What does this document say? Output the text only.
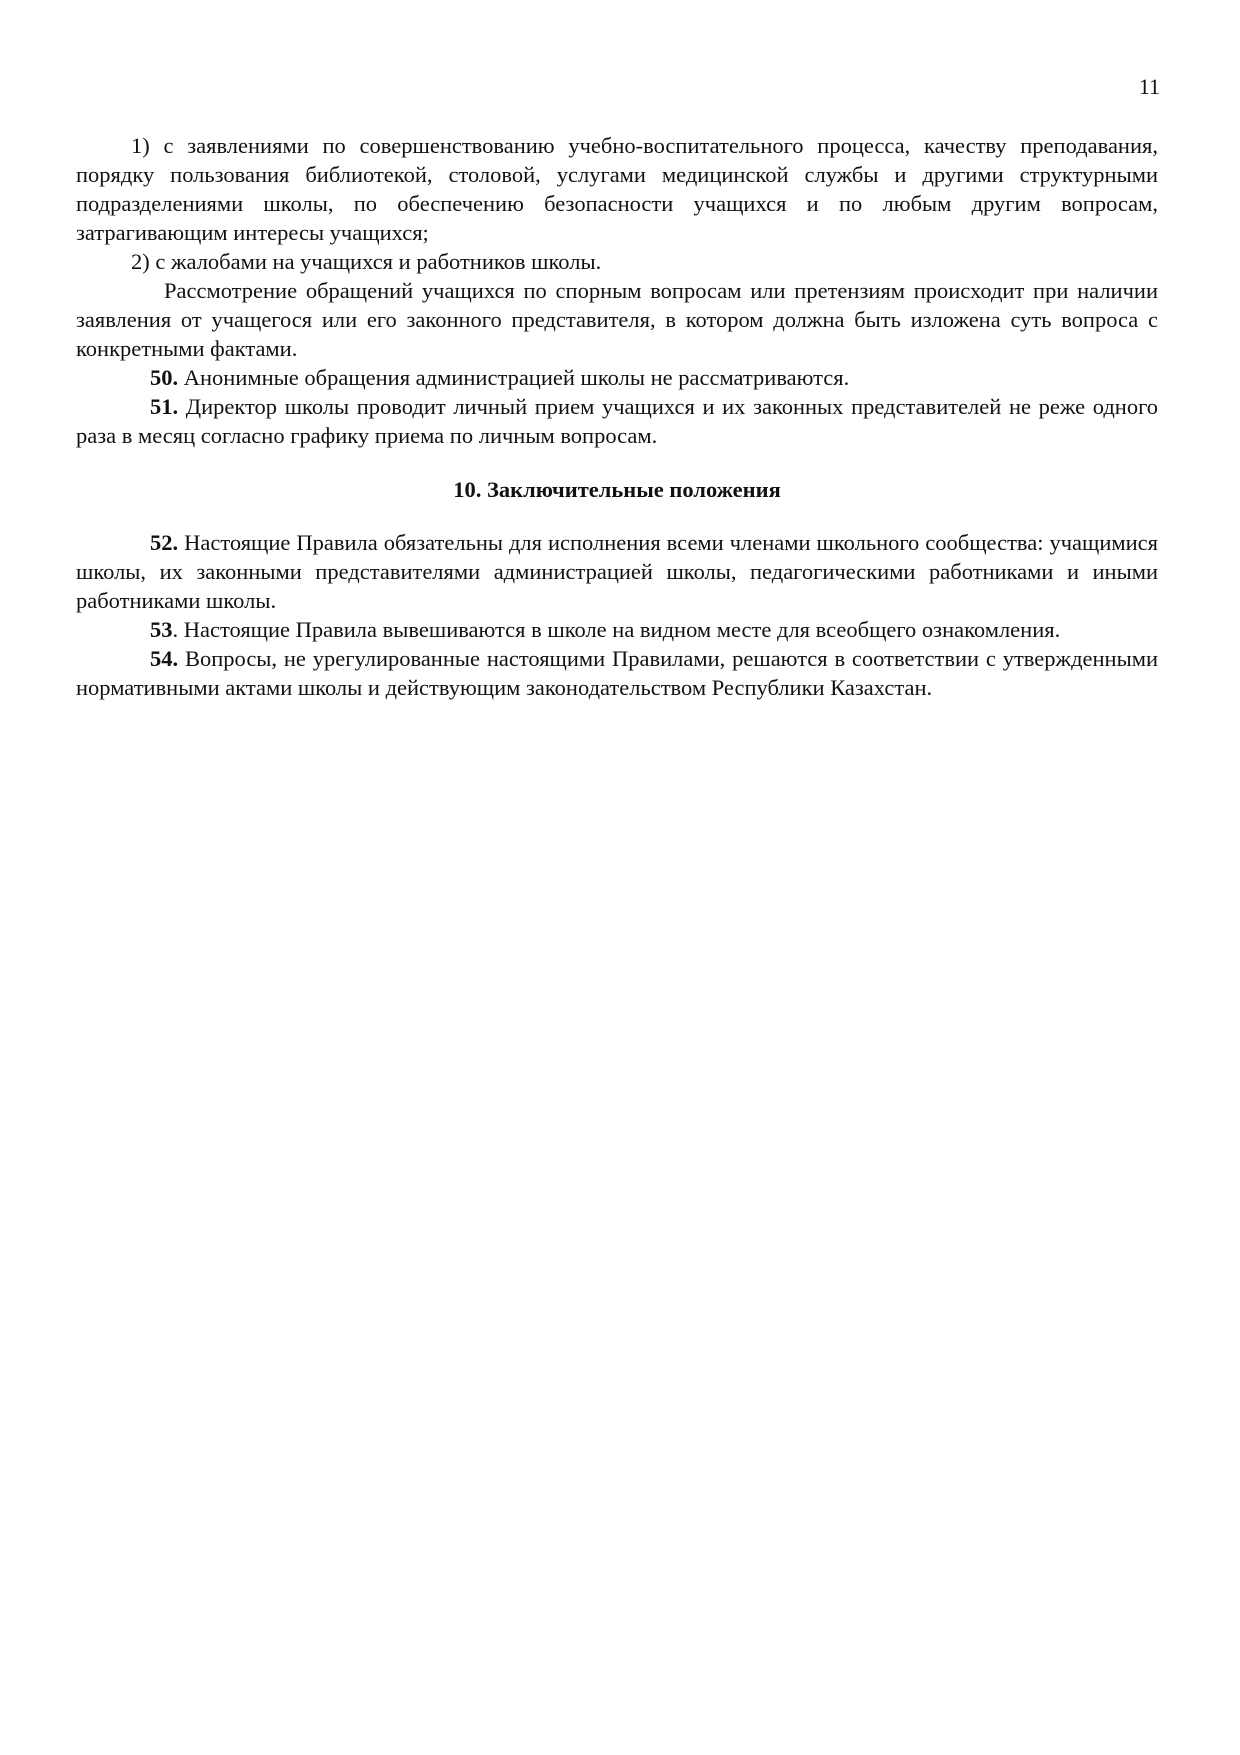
11

1) с заявлениями по совершенствованию учебно-воспитательного процесса, качеству преподавания, порядку пользования библиотекой, столовой, услугами медицинской службы и другими структурными подразделениями школы, по обеспечению безопасности учащихся и по любым другим вопросам, затрагивающим интересы учащихся;

2) с жалобами на учащихся и работников школы.

Рассмотрение обращений учащихся по спорным вопросам или претензиям происходит при наличии заявления от учащегося или его законного представителя, в котором должна быть изложена суть вопроса с конкретными фактами.

50. Анонимные обращения администрацией школы не рассматриваются.

51. Директор школы проводит личный прием учащихся и их законных представителей не реже одного раза в месяц согласно графику приема по личным вопросам.

10. Заключительные положения

52. Настоящие Правила обязательны для исполнения всеми членами школьного сообщества: учащимися школы, их законными представителями администрацией школы, педагогическими работниками и иными работниками школы.

53. Настоящие Правила вывешиваются в школе на видном месте для всеобщего ознакомления.

54. Вопросы, не урегулированные настоящими Правилами, решаются в соответствии с утвержденными нормативными актами школы и действующим законодательством Республики Казахстан.
